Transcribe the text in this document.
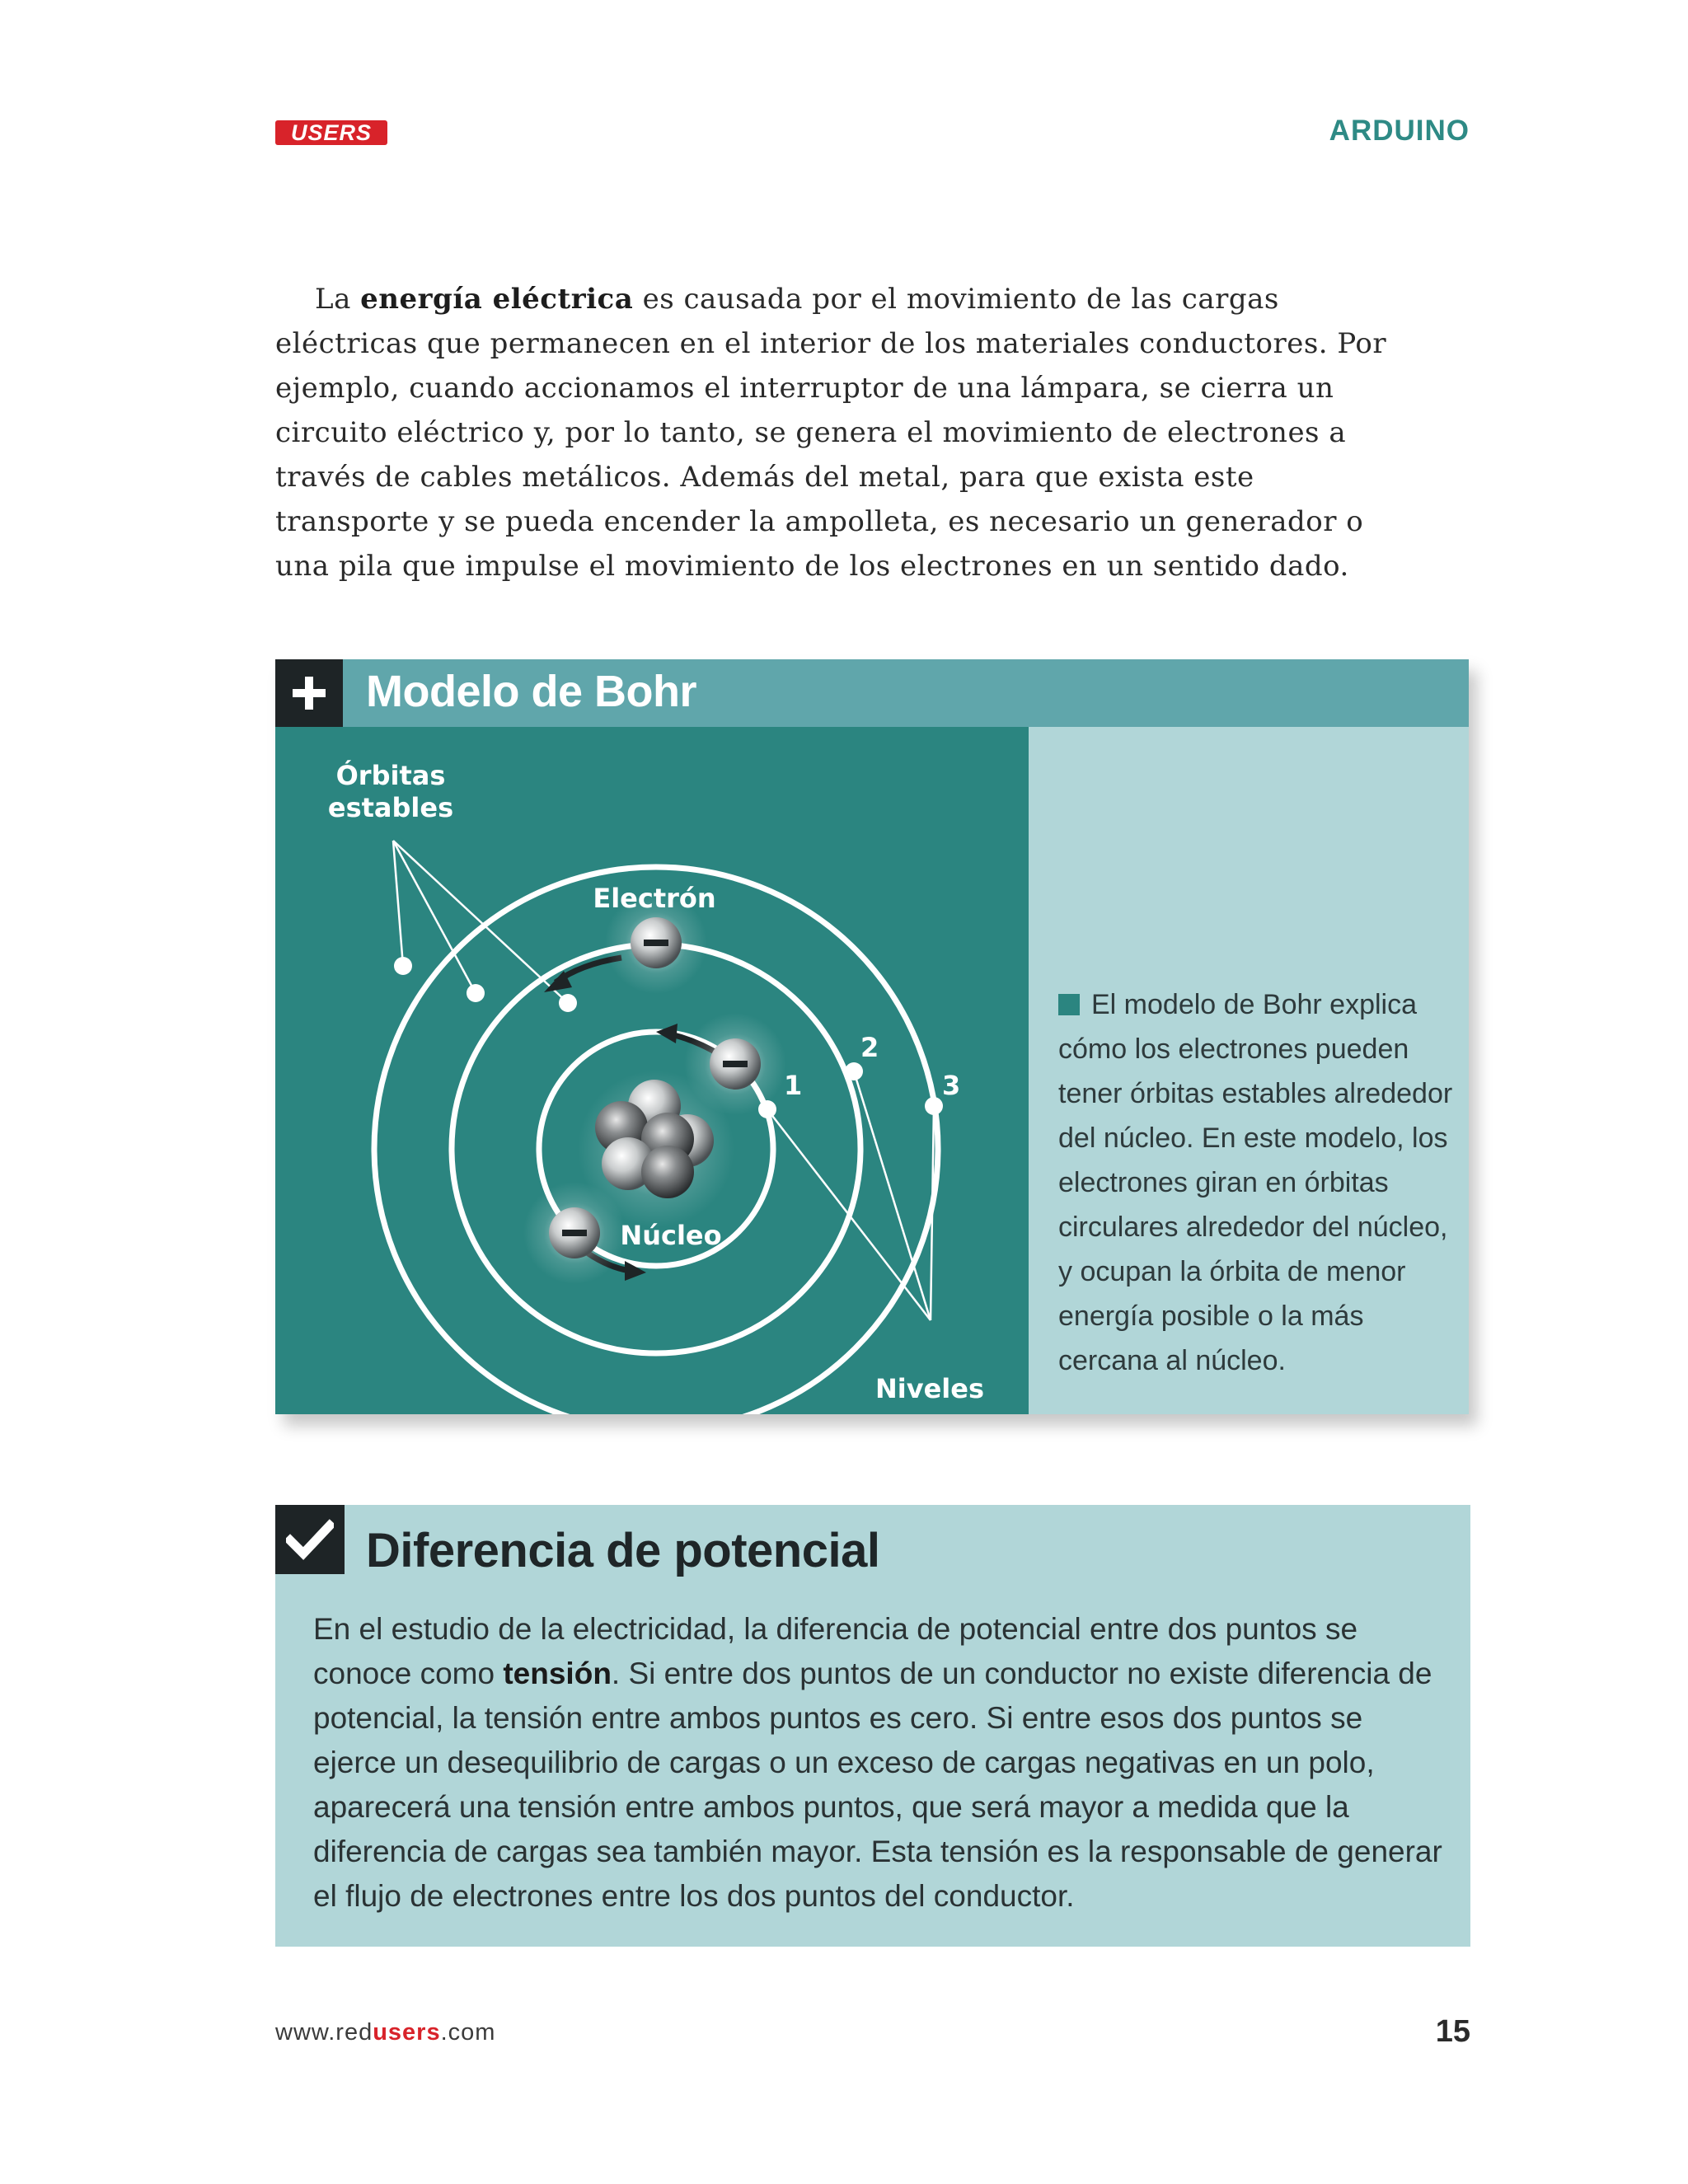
USERS	ARDUINO

La energía eléctrica es causada por el movimiento de las cargas eléctricas que permanecen en el interior de los materiales conductores. Por ejemplo, cuando accionamos el interruptor de una lámpara, se cierra un circuito eléctrico y, por lo tanto, se genera el movimiento de electrones a través de cables metálicos. Además del metal, para que exista este transporte y se pueda encender la ampolleta, es necesario un generador o una pila que impulse el movimiento de los electrones en un sentido dado.

Modelo de Bohr
Órbitas
estables
Electrón
Núcleo
Niveles
1
2
3

El modelo de Bohr explica cómo los electrones pueden tener órbitas estables alrededor del núcleo. En este modelo, los electrones giran en órbitas circulares alrededor del núcleo, y ocupan la órbita de menor energía posible o la más cercana al núcleo.

Diferencia de potencial

En el estudio de la electricidad, la diferencia de potencial entre dos puntos se conoce como tensión. Si entre dos puntos de un conductor no existe diferencia de potencial, la tensión entre ambos puntos es cero. Si entre esos dos puntos se ejerce un desequilibrio de cargas o un exceso de cargas negativas en un polo, aparecerá una tensión entre ambos puntos, que será mayor a medida que la diferencia de cargas sea también mayor. Esta tensión es la responsable de generar el flujo de electrones entre los dos puntos del conductor.

www.redusers.com	15
